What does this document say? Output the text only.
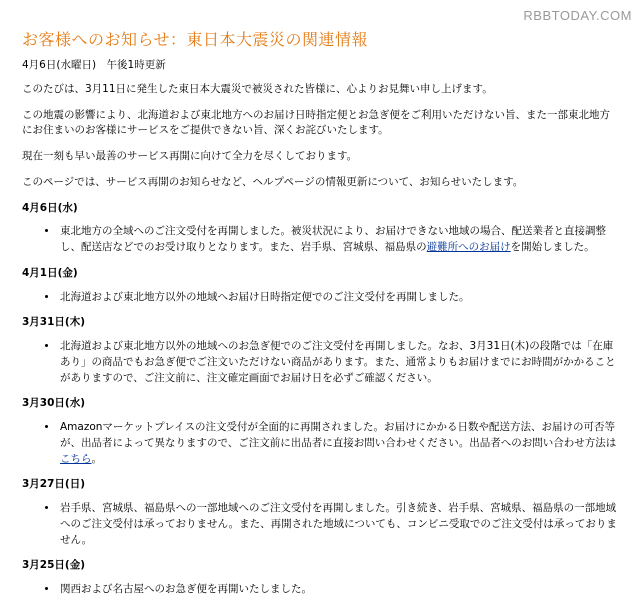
RBBTODAY.COM
お客様へのお知らせ：東日本大震災の関連情報

4月6日(水曜日)　午後1時更新

このたびは、3月11日に発生した東日本大震災で被災された皆様に、心よりお見舞い申し上げます。

この地震の影響により、北海道および東北地方へのお届け日時指定便とお急ぎ便をご利用いただけない旨、また一部東北地方にお住まいのお客様にサービスをご提供できない旨、深くお詫びいたします。

現在一刻も早い最善のサービス再開に向けて全力を尽くしております。

このページでは、サービス再開のお知らせなど、ヘルプページの情報更新について、お知らせいたします。

4月6日(水)

• 東北地方の全域へのご注文受付を再開しました。被災状況により、お届けできない地域の場合、配送業者と直接調整し、配送店などでのお受け取りとなります。また、岩手県、宮城県、福島県の避難所へのお届けを開始しました。

4月1日(金)

• 北海道および東北地方以外の地域へお届け日時指定便でのご注文受付を再開しました。

3月31日(木)

• 北海道および東北地方以外の地域へのお急ぎ便でのご注文受付を再開しました。なお、3月31日(木)の段階では「在庫あり」の商品でもお急ぎ便でご注文いただけない商品があります。また、通常よりもお届けまでにお時間がかかることがありますので、ご注文前に、注文確定画面でお届け日を必ずご確認ください。

3月30日(水)

• Amazonマーケットプレイスの注文受付が全面的に再開されました。お届けにかかる日数や配送方法、お届けの可否等が、出品者によって異なりますので、ご注文前に出品者に直接お問い合わせください。出品者へのお問い合わせ方法はこちら。

3月27日(日)

• 岩手県、宮城県、福島県への一部地域へのご注文受付を再開しました。引き続き、岩手県、宮城県、福島県の一部地域へのご注文受付は承っておりません。また、再開された地域についても、コンビニ受取でのご注文受付は承っておりません。

3月25日(金)

• 関西および名古屋へのお急ぎ便を再開いたしました。
